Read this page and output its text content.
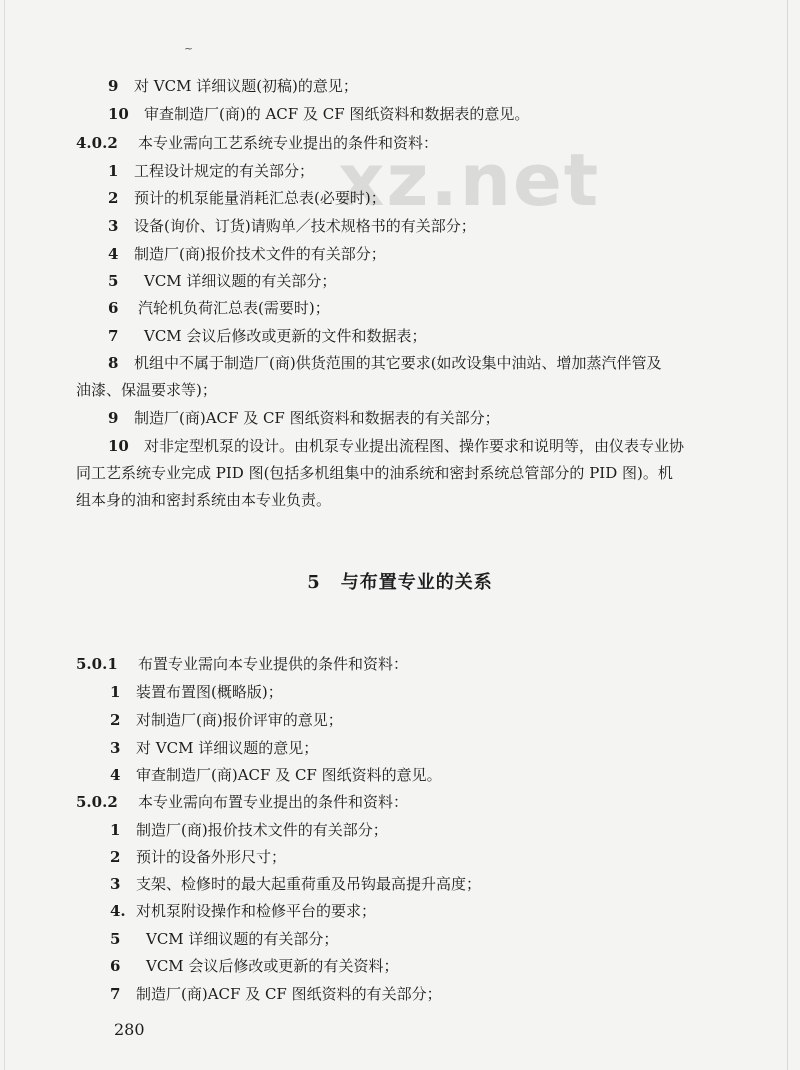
~
xz.net
9 对 VCM 详细议题(初稿)的意见；
10 审查制造厂(商)的 ACF 及 CF 图纸资料和数据表的意见。
4.0.2 本专业需向工艺系统专业提出的条件和资料：
1 工程设计规定的有关部分；
2 预计的机泵能量消耗汇总表(必要时)；
3 设备(询价、订货)请购单／技术规格书的有关部分；
4 制造厂(商)报价技术文件的有关部分；
5 VCM 详细议题的有关部分；
6 汽轮机负荷汇总表(需要时)；
7 VCM 会议后修改或更新的文件和数据表；
8 机组中不属于制造厂(商)供货范围的其它要求(如改设集中油站、增加蒸汽伴管及
油漆、保温要求等)；
9 制造厂(商)ACF 及 CF 图纸资料和数据表的有关部分；
10 对非定型机泵的设计。由机泵专业提出流程图、操作要求和说明等，由仪表专业协
同工艺系统专业完成 PID 图(包括多机组集中的油系统和密封系统总管部分的 PID 图)。机
组本身的油和密封系统由本专业负责。
5 与布置专业的关系
5.0.1 布置专业需向本专业提供的条件和资料：
1 装置布置图(概略版)；
2 对制造厂(商)报价评审的意见；
3 对 VCM 详细议题的意见；
4 审查制造厂(商)ACF 及 CF 图纸资料的意见。
5.0.2 本专业需向布置专业提出的条件和资料：
1 制造厂(商)报价技术文件的有关部分；
2 预计的设备外形尺寸；
3 支架、检修时的最大起重荷重及吊钩最高提升高度；
4. 对机泵附设操作和检修平台的要求；
5 VCM 详细议题的有关部分；
6 VCM 会议后修改或更新的有关资料；
7 制造厂(商)ACF 及 CF 图纸资料的有关部分；
280
